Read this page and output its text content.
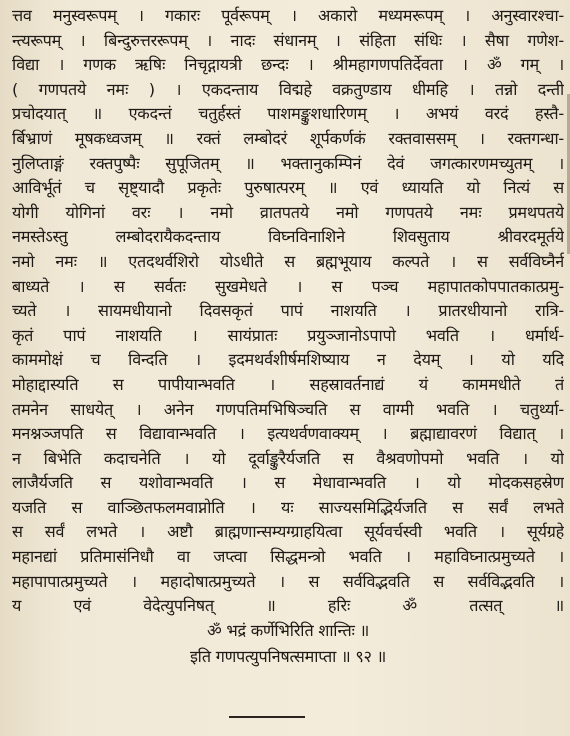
त्तव मनुस्वरूपम् । गकारः पूर्वरूपम् । अकारो मध्यमरूपम् । अनुस्वारश्चा-
न्त्यरूपम् । बिन्दुरुत्तररूपम् । नादः संधानम् । संहिता संधिः । सैषा गणेश-
विद्या । गणक ऋषिः निचृद्गायत्री छन्दः । श्रीमहागणपतिर्देवता । ॐ गम् ।
( गणपतये नमः ) । एकदन्ताय विद्महे वक्रतुण्डाय धीमहि । तन्नो दन्ती
प्रचोदयात् ॥ एकदन्तं चतुर्हस्तं पाशमङ्कुशधारिणम् । अभयं वरदं हस्तै-
र्बिभ्राणं मूषकध्वजम् ॥ रक्तं लम्बोदरं शूर्पकर्णकं रक्तवाससम् । रक्तगन्धा-
नुलिप्ताङ्गं रक्तपुष्पैः सुपूजितम् ॥ भक्तानुकम्पिनं देवं जगत्कारणमच्युतम् ।
आविर्भूतं च सृष्ट्यादौ प्रकृतेः पुरुषात्परम् ॥ एवं ध्यायति यो नित्यं स
योगी योगिनां वरः । नमो व्रातपतये नमो गणपतये नमः प्रमथपतये
नमस्तेऽस्तु लम्बोदरायैकदन्ताय विघ्नविनाशिने शिवसुताय श्रीवरदमूर्तये
नमो नमः ॥ एतदथर्वशिरो योऽधीते स ब्रह्मभूयाय कल्पते । स सर्वविघ्नैर्न
बाध्यते । स सर्वतः सुखमेधते । स पञ्च महापातकोपपातकात्प्रमु-
च्यते । सायमधीयानो दिवसकृतं पापं नाशयति । प्रातरधीयानो रात्रि-
कृतं पापं नाशयति । सायंप्रातः प्रयुञ्जानोऽपापो भवति । धर्मार्थ-
काममोक्षं च विन्दति । इदमथर्वशीर्षमशिष्याय न देयम् । यो यदि
मोहाद्दास्यति स पापीयान्भवति । सहस्रावर्तनाद्यं यं काममधीते तं
तमनेन साधयेत् । अनेन गणपतिमभिषिञ्चति स वाग्मी भवति । चतुर्थ्या-
मनश्नञ्जपति स विद्यावान्भवति । इत्यथर्वणवाक्यम् । ब्रह्माद्यावरणं विद्यात् ।
न बिभेति कदाचनेति । यो दूर्वाङ्कुरैर्यजति स वैश्रवणोपमो भवति । यो
लाजैर्यजति स यशोवान्भवति । स मेधावान्भवति । यो मोदकसहस्रेण
यजति स वाञ्छितफलमवाप्नोति । यः साज्यसमिद्भिर्यजति स सर्वं लभते
स सर्वं लभते । अष्टौ ब्राह्मणान्सम्यग्ग्राहयित्वा सूर्यवर्चस्वी भवति । सूर्यग्रहे
महानद्यां प्रतिमासंनिधौ वा जप्त्वा सिद्धमन्त्रो भवति । महाविघ्नात्प्रमुच्यते ।
महापापात्प्रमुच्यते । महादोषात्प्रमुच्यते । स सर्वविद्भवति स सर्वविद्भवति ।
य एवं वेदेत्युपनिषत् ॥ हरिः ॐ तत्सत् ॥
ॐ भद्रं कर्णेभिरिति शान्तिः ॥
इति गणपत्युपनिषत्समाप्ता ॥ ९२ ॥
